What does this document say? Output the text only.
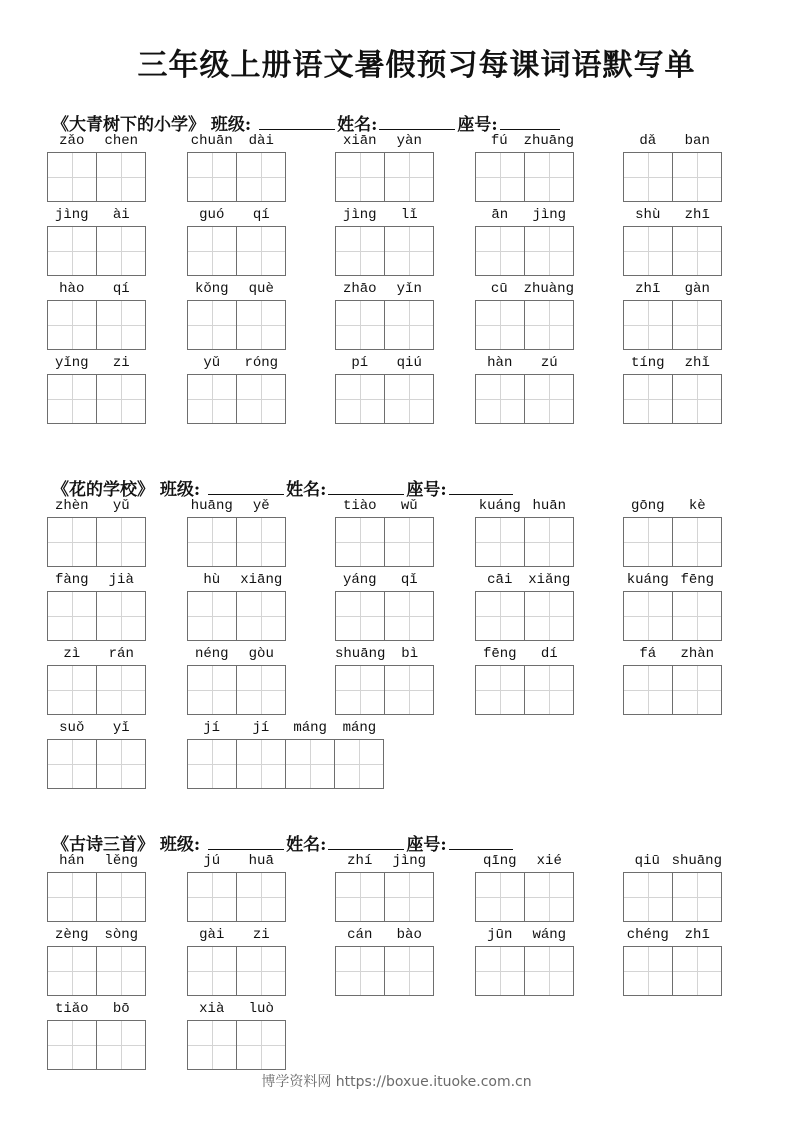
三年级上册语文暑假预习每课词语默写单
《大青树下的小学》 班级:	姓名:	座号:
zǎo	chen	chuān	dài	xiān	yàn	fú	zhuāng	dǎ	ban
jìng	ài	guó	qí	jìng	lǐ	ān	jìng	shù	zhī
hào	qí	kǒng	què	zhāo	yǐn	cū	zhuàng	zhī	gàn
yǐng	zi	yǔ	róng	pí	qiú	hàn	zú	tíng	zhǐ
《花的学校》 班级:	姓名:	座号:
zhèn	yǔ	huāng	yě	tiào	wǔ	kuáng huān	gōng	kè
fàng	jià	hù	xiāng	yáng	qǐ	cāi	xiǎng	kuáng fēng
zì	rán	néng	gòu	shuāng	bì	fēng	dí	fá	zhàn
suǒ	yǐ	jí	jí	máng	máng
《古诗三首》 班级:	姓名:	座号:
hán	lěng	jú	huā	zhí	jìng	qīng	xié	qiū shuāng
zèng	sòng	gài	zi	cán	bào	jūn	wáng	chéng	zhī
tiǎo	bō	xià	luò
博学资料网 https://boxue.ituoke.com.cn
